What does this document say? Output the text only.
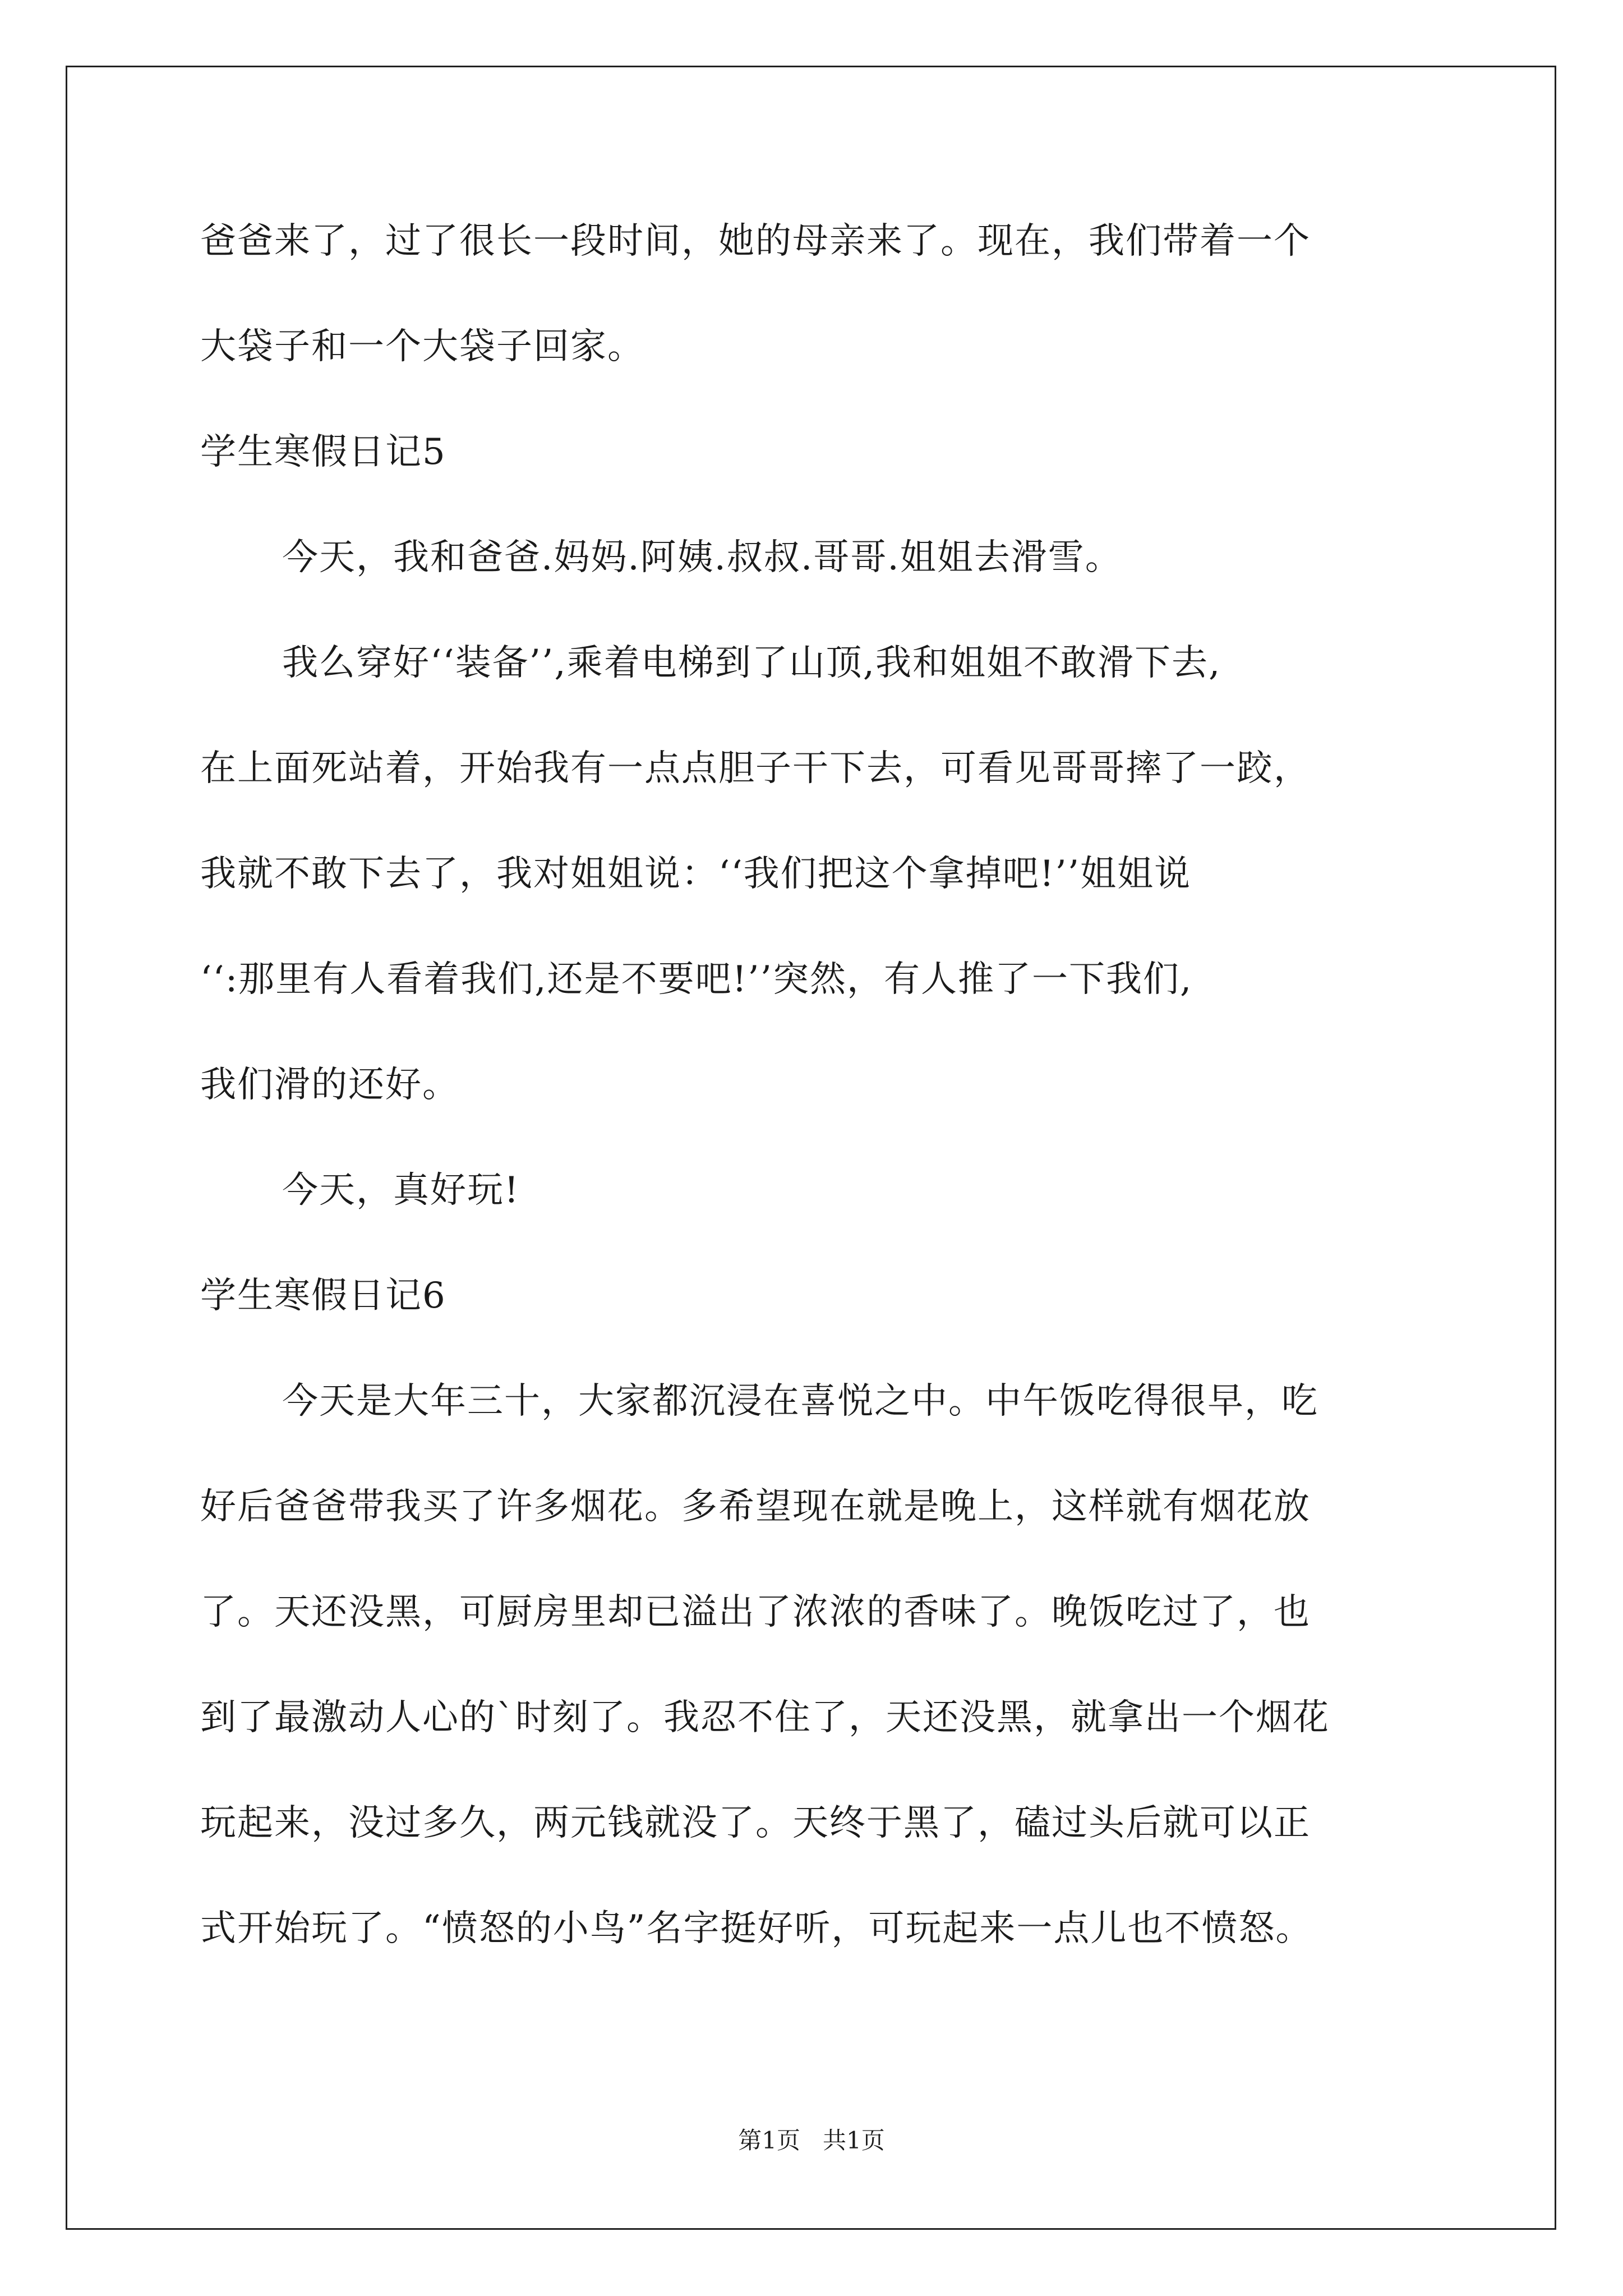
爸爸来了，过了很长一段时间，她的母亲来了。现在，我们带着一个
大袋子和一个大袋子回家。
学生寒假日记5
今天，我和爸爸.妈妈.阿姨.叔叔.哥哥.姐姐去滑雪。
我么穿好‘‘装备’’,乘着电梯到了山顶,我和姐姐不敢滑下去,
在上面死站着，开始我有一点点胆子干下去，可看见哥哥摔了一跤，
我就不敢下去了，我对姐姐说：‘‘我们把这个拿掉吧!’’姐姐说
‘‘:那里有人看着我们,还是不要吧!’’突然，有人推了一下我们,
我们滑的还好。
今天，真好玩!
学生寒假日记6
今天是大年三十，大家都沉浸在喜悦之中。中午饭吃得很早，吃
好后爸爸带我买了许多烟花。多希望现在就是晚上，这样就有烟花放
了。天还没黑，可厨房里却已溢出了浓浓的香味了。晚饭吃过了，也
到了最激动人心的`时刻了。我忍不住了，天还没黑，就拿出一个烟花
玩起来，没过多久，两元钱就没了。天终于黑了，磕过头后就可以正
式开始玩了。“愤怒的小鸟”名字挺好听，可玩起来一点儿也不愤怒。
第1页   共1页
